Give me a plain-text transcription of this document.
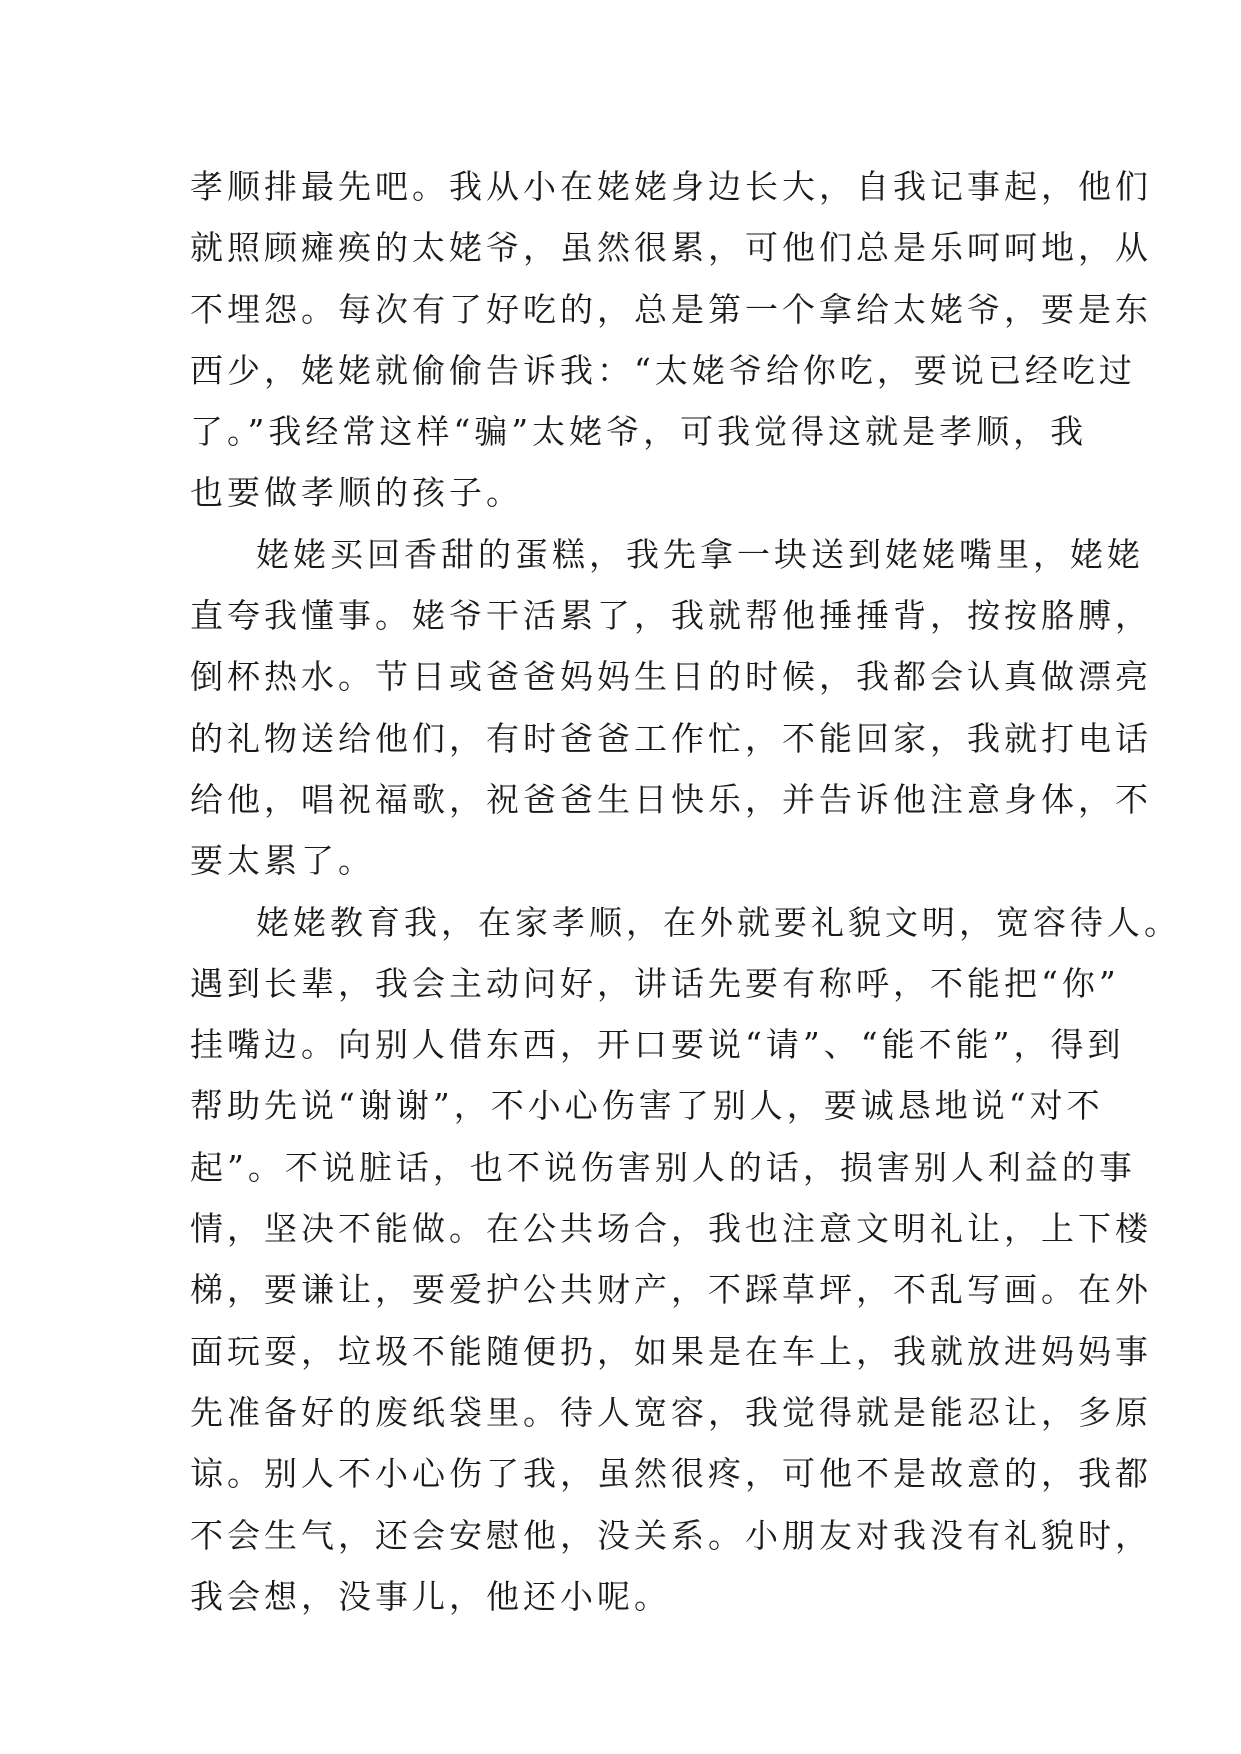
孝顺排最先吧。我从小在姥姥身边长大，自我记事起，他们
就照顾瘫痪的太姥爷，虽然很累，可他们总是乐呵呵地，从
不埋怨。每次有了好吃的，总是第一个拿给太姥爷，要是东
西少，姥姥就偷偷告诉我：“太姥爷给你吃，要说已经吃过
了。”我经常这样“骗”太姥爷，可我觉得这就是孝顺，我
也要做孝顺的孩子。
姥姥买回香甜的蛋糕，我先拿一块送到姥姥嘴里，姥姥
直夸我懂事。姥爷干活累了，我就帮他捶捶背，按按胳膊，
倒杯热水。节日或爸爸妈妈生日的时候，我都会认真做漂亮
的礼物送给他们，有时爸爸工作忙，不能回家，我就打电话
给他，唱祝福歌，祝爸爸生日快乐，并告诉他注意身体，不
要太累了。
姥姥教育我，在家孝顺，在外就要礼貌文明，宽容待人。
遇到长辈，我会主动问好，讲话先要有称呼，不能把“你”
挂嘴边。向别人借东西，开口要说“请”、“能不能”，得到
帮助先说“谢谢”，不小心伤害了别人，要诚恳地说“对不
起”。不说脏话，也不说伤害别人的话，损害别人利益的事
情，坚决不能做。在公共场合，我也注意文明礼让，上下楼
梯，要谦让，要爱护公共财产，不踩草坪，不乱写画。在外
面玩耍，垃圾不能随便扔，如果是在车上，我就放进妈妈事
先准备好的废纸袋里。待人宽容，我觉得就是能忍让，多原
谅。别人不小心伤了我，虽然很疼，可他不是故意的，我都
不会生气，还会安慰他，没关系。小朋友对我没有礼貌时，
我会想，没事儿，他还小呢。
